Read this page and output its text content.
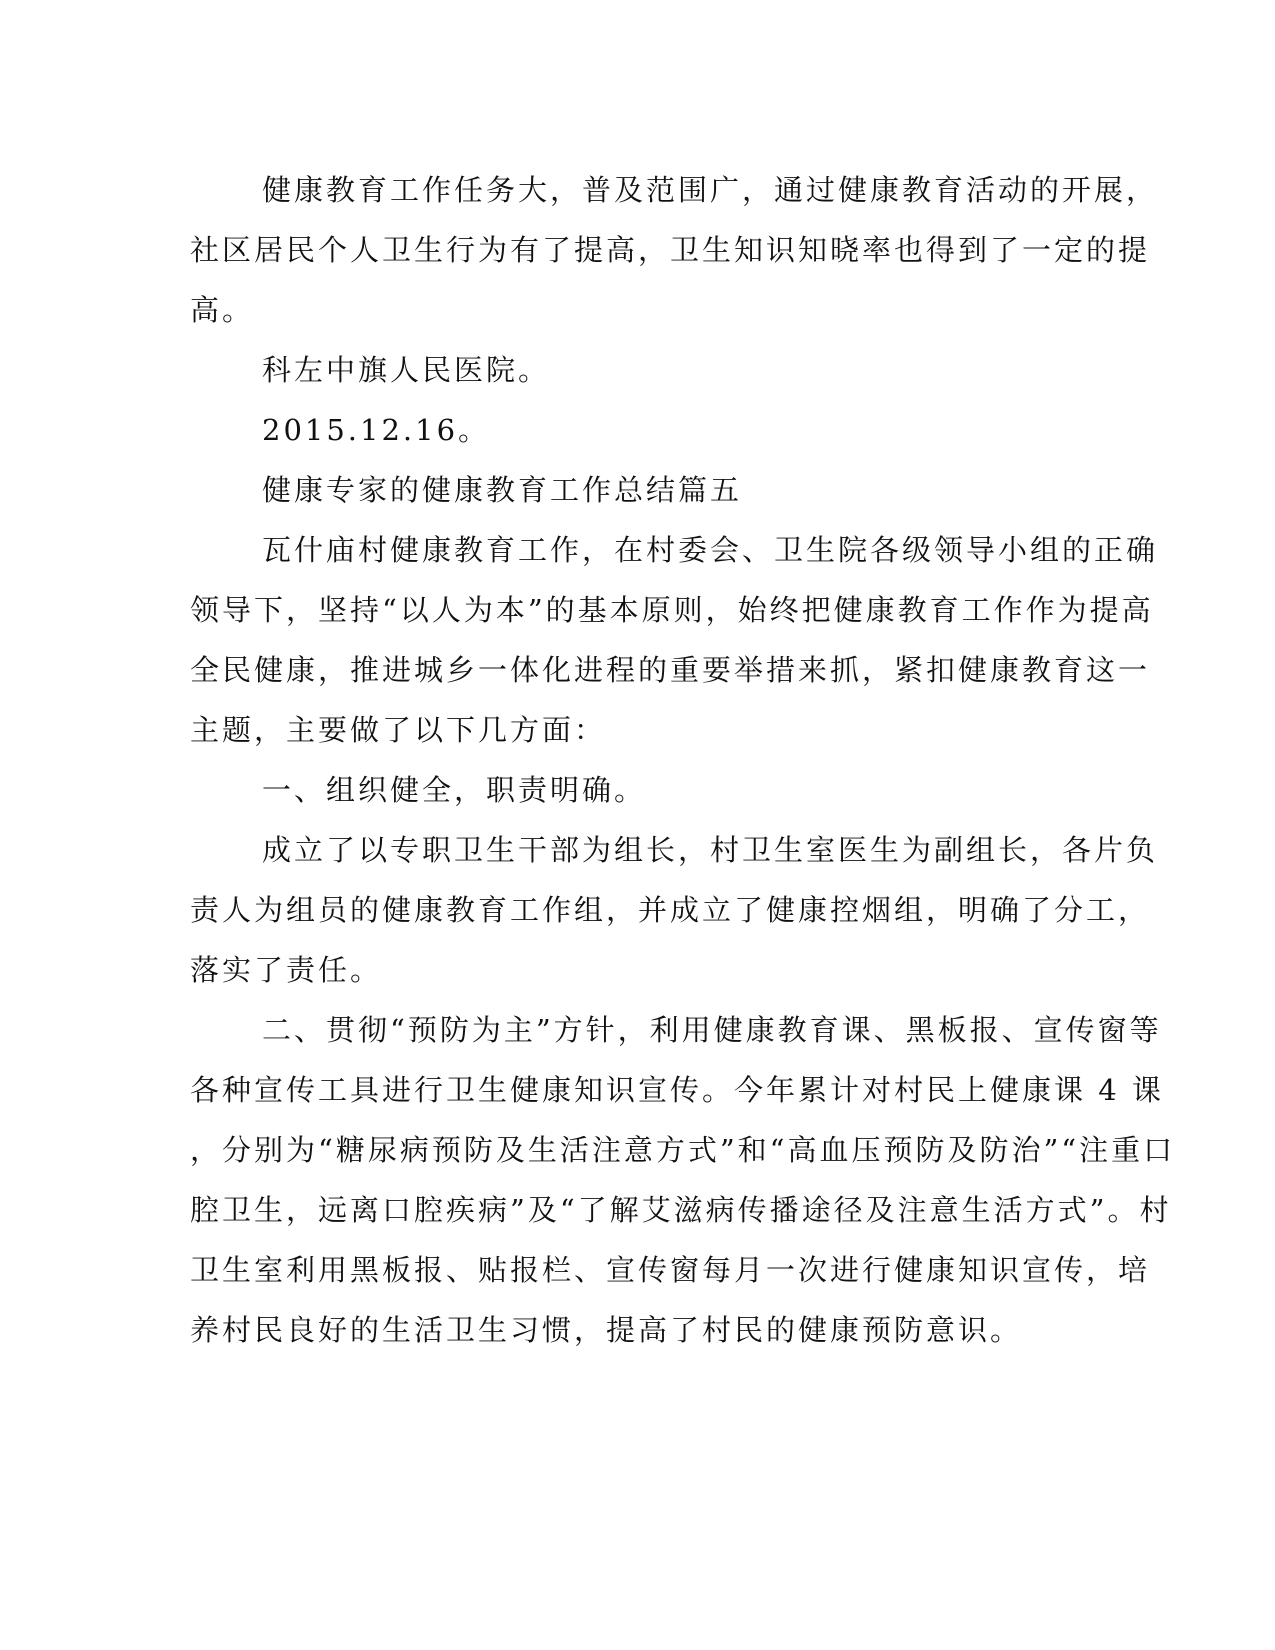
健康教育工作任务大，普及范围广，通过健康教育活动的开展，
社区居民个人卫生行为有了提高，卫生知识知晓率也得到了一定的提
高。

科左中旗人民医院。

2015.12.16。

健康专家的健康教育工作总结篇五

瓦什庙村健康教育工作，在村委会、卫生院各级领导小组的正确
领导下，坚持“以人为本”的基本原则，始终把健康教育工作作为提高
全民健康，推进城乡一体化进程的重要举措来抓，紧扣健康教育这一
主题，主要做了以下几方面：

一、组织健全，职责明确。

成立了以专职卫生干部为组长，村卫生室医生为副组长，各片负
责人为组员的健康教育工作组，并成立了健康控烟组，明确了分工，
落实了责任。

二、贯彻“预防为主”方针，利用健康教育课、黑板报、宣传窗等
各种宣传工具进行卫生健康知识宣传。今年累计对村民上健康课 4 课
，分别为“糖尿病预防及生活注意方式”和“高血压预防及防治”“注重口
腔卫生，远离口腔疾病”及“了解艾滋病传播途径及注意生活方式”。村
卫生室利用黑板报、贴报栏、宣传窗每月一次进行健康知识宣传，培
养村民良好的生活卫生习惯，提高了村民的健康预防意识。
